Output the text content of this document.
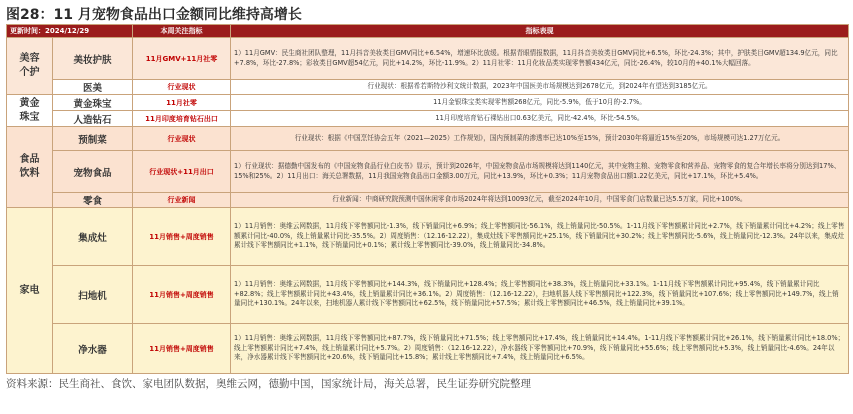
图28：11 月宠物食品出口金额同比维持高增长
更新时间：2024/12/29		本周关注指标	指标表现

美容
个护	美妆护肤	11月GMV+11月社零	1）11月GMV：民生商社团队整理，11月抖音美妆类目GMV同比+6.54%，增速环比放缓。根据青眼情报数据，11月抖音美妆类目GMV同比+6.5%，环比-24.3%；其中，护肤类目GMV超134.9亿元，同比+7.8%，环比-27.8%；彩妆类目GMV超54亿元，同比+14.2%，环比-11.9%。2）11月社零：11月化妆品类实现零售额434亿元，同比-26.4%，较10月的+40.1%大幅回落。
	医美	行业现状	行业现状：根据希若斯特沙利文统计数据，2023年中国医美市场规模达到2678亿元，到2024年有望达到3185亿元。

黄金
珠宝	黄金珠宝	11月社零	11月金银珠宝类实现零售额268亿元，同比-5.9%，低于10月的-2.7%。
	人造钻石	11月印度培育钻石出口	11月印度培育钻石裸钻出口0.63亿美元，同比-42.4%，环比-54.5%。

食品
饮料	预制菜	行业现状	行业现状：根据《中国烹饪协会五年（2021—2025）工作规划》，国内预制菜的渗透率已达10%至15%，预计2030年将逼近15%至20%，市场规模可达1.27万亿元。
	宠物食品	行业现状+11月出口	1）行业现状：据德勤中国发布的《中国宠物食品行业白皮书》显示，预计到2026年，中国宠物食品市场规模将达到1140亿元，其中宠物主粮、宠物零食和营养品、宠物零食的复合年增长率将分别达到17%、15%和25%。2）11月出口：海关总署数据，11月我国宠物食品出口金额3.00万元，同比+13.9%，环比+0.3%；11月宠物食品出口额1.22亿美元，同比+17.1%，环比+5.4%。
	零食	行业新闻	行业新闻：中商研究院预测中国休闲零食市场2024年将达到10093亿元，截至2024年10月，中国零食门店数量已达5.5万家，同比+100%。

家电	集成灶	11月销售+周度销售	1）11月销售：奥维云网数据，11月线下零售额同比-1.3%，线下销量同比+6.9%；线上零售额同比-56.1%，线上销量同比-50.5%。1-11月线下零售额累计同比+2.7%，线下销量累计同比+4.2%；线上零售额累计同比-40.0%，线上销量累计同比-35.5%。2）周度销售：（12.16-12.22），集成灶线下零售额同比+25.1%，线下销量同比+30.2%；线上零售额同比-5.6%，线上销量同比-12.3%。24年以来，集成灶累计线下零售额同比+1.1%，线下销量同比+0.1%；累计线上零售额同比-39.0%，线上销量同比-34.8%。
	扫地机	11月销售+周度销售	1）11月销售：奥维云网数据，11月线下零售额同比+144.3%，线下销量同比+128.4%；线上零售额同比+38.3%，线上销量同比+33.1%。1-11月线下零售额累计同比+95.4%，线下销量累计同比+82.8%；线上零售额累计同比+43.4%，线上销量累计同比+36.1%。2）周度销售：（12.16-12.22），扫地机器人线下零售额同比+122.3%，线下销量同比+107.6%；线上零售额同比+149.7%，线上销量同比+130.1%。24年以来，扫地机器人累计线下零售额同比+62.5%，线下销量同比+57.5%；累计线上零售额同比+46.5%，线上销量同比+39.1%。
	净水器	11月销售+周度销售	1）11月销售：奥维云网数据，11月线下零售额同比+87.7%，线下销量同比+71.5%；线上零售额同比+17.4%，线上销量同比+14.4%。1-11月线下零售额累计同比+26.1%，线下销量累计同比+18.0%；线上零售额累计同比+7.4%，线上销量累计同比+5.7%。2）周度销售：（12.16-12.22），净水器线下零售额同比+70.9%，线下销量同比+55.6%；线上零售额同比+5.3%，线上销量同比-4.6%。24年以来，净水器累计线下零售额同比+20.6%，线下销量同比+15.8%；累计线上零售额同比+7.4%，线上销量同比+6.5%。
资料来源：民生商社、食饮、家电团队数据，奥维云网，德勤中国，国家统计局，海关总署，民生证券研究院整理
